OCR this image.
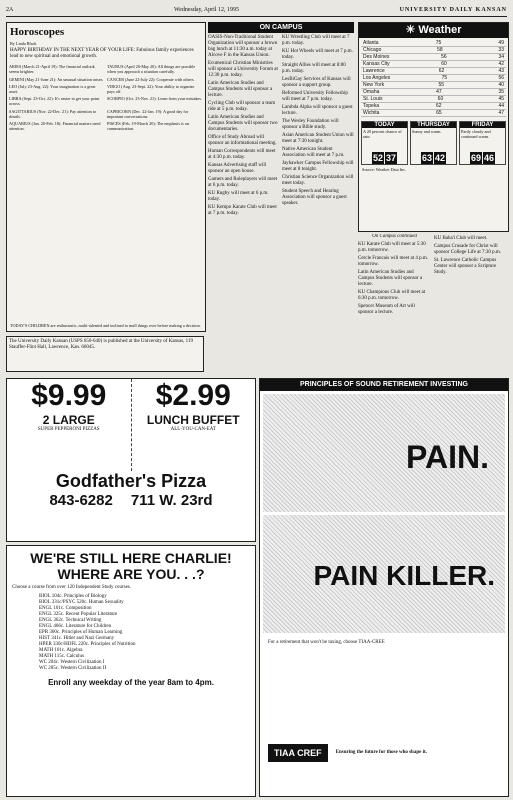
2A	Wednesday, April 12, 1995	UNIVERSITY DAILY KANSAN
Horoscopes
By Linda Black
HAPPY BIRTHDAY IN THE NEXT YEAR OF YOUR LIFE: Fabulous family experiences lead to new spiritual and emotional growth.
ARIES (March 21-April 19): The financial outlook seems brighter.
TAURUS (April 20-May 20): All things are possible when you approach a situation carefully.
GEMINI (May 21-June 21): An unusual situation arises. CANCER (June 22-July 22): Cooperate with others.
LEO (July 23-Aug. 22): Your imagination is a great asset.
VIRGO (Aug. 23-Sept. 22): Your ability to organize pays off.
LIBRA (Sept. 23-Oct. 22): It's easier to get your point across.
SCORPIO (Oct. 23-Nov. 21): Learn from your mistakes.
SAGITTARIUS (Nov. 22-Dec. 21): Pay attention to details.
CAPRICORN (Dec. 22-Jan. 19): A good day for important conversations.
AQUARIUS (Jan. 20-Feb. 18): Financial matters need attention.
PISCES (Feb. 19-March 20): The emphasis is on communication.
TODAY'S CHILDREN are enthusiastic, multi-talented and inclined to mull things over before making a decision.
The University Daily Kansan (USPS 650-640) is published at the University of Kansas, 119 Stauffer-Flint Hall, Lawrence, Kan. 66045.
ON CAMPUS
OASIS-Non-Traditional Student Organization will sponsor a brown bag lunch at 11:30 a.m. today at Alcove F in the Kansas Union.
Ecumenical Christian Ministries will sponsor a University Forum at 12:30 p.m. today.
Latin American Studies and Campus Students will sponsor a lecture.
Cycling Club will sponsor a team ride at 5 p.m. today.
Latin American Studies and Campus Students will sponsor two documentaries.
Office of Study Abroad will sponsor an informational meeting.
Human Correspondents will meet at 4:30 p.m. today.
Kansas Advertising staff will sponsor an open house.
Gamers and Roleplayers will meet at 6 p.m. today.
KU Rugby will meet at 6 p.m. today.
KU Kempo Karate Club will meet at 7 p.m. today.
KU Wrestling Club will meet at 7 p.m. today.
KU Hot Wheels will meet at 7 p.m. today.
Straight Allies will meet at 8:00 p.m. today.
LesBiGay Services of Kansas will sponsor a support group.
Reformed University Fellowship will meet at 7 p.m. today.
Lambda Alpha will sponsor a guest lecture.
The Wesley Foundation will sponsor a Bible study.
Asian American Student Union will meet at 7:30 tonight.
Native American Student Association will meet at 7 p.m.
Jayhawker Campus Fellowship will meet at 8 tonight.
Christian Science Organization will meet today.
Student Speech and Hearing Association will sponsor a guest speaker.
☀ Weather
Atlanta	75	49
Chicago	58	33
Des Moines	56	34
Kansas City	60	42
Lawrence	62	43
Los Angeles	75	56
New York	55	40
Omaha	47	35
St. Louis	60	45
Topeka	62	44
Wichita	65	47
TODAY
A 20 percent chance of rain.
52 37
THURSDAY
Sunny and warm.
63 42
FRIDAY
Partly cloudy and continued warm.
69 46
Source: Weather Data Inc.
On Campus continued
KU Karate Club will meet at 5:30 p.m. tomorrow.
Cercle Francais will meet at 4 p.m. tomorrow.
Latin American Studies and Campus Students will sponsor a lecture.
KU Champions Club will meet at 6:30 p.m. tomorrow.
Spencer Museum of Art will sponsor a lecture.
KU Baha'i Club will meet.
Campus Crusade for Christ will sponsor College Life at 7:30 p.m.
St. Lawrence Catholic Campus Center will sponsor a Scripture Study.
$9.99
2 LARGE
SUPER PEPPERONI PIZZAS
$2.99
LUNCH BUFFET
ALL-YOU-CAN-EAT
Godfather's Pizza
843-6282 711 W. 23rd
WE'RE STILL HERE CHARLIE!
WHERE ARE YOU. . .?
Choose a course from over 120 Independent Study courses.
BIOL 104c. Principles of Biology
BIOL 331c/PSYC 520c. Human Sexuality
ENGL 101c. Composition
ENGL 325c. Recent Popular Literature
ENGL 362c. Technical Writing
ENGL 466c. Literature for Children
EPR 300c. Principles of Human Learning
HIST 341c. Hitler and Nazi Germany
HPER 330c/HDFL 220c. Principles of Nutrition
MATH 101c. Algebra
MATH 115c. Calculus
WC 204c. Western Civilization I
WC 205c. Western Civilization II
Enroll any weekday of the year 8am to 4pm.
PRINCIPLES OF SOUND RETIREMENT INVESTING
PAIN.
PAIN KILLER.
For a retirement that won't be taxing, choose TIAA-CREF.
TIAA CREF	Ensuring the future for those who shape it.
